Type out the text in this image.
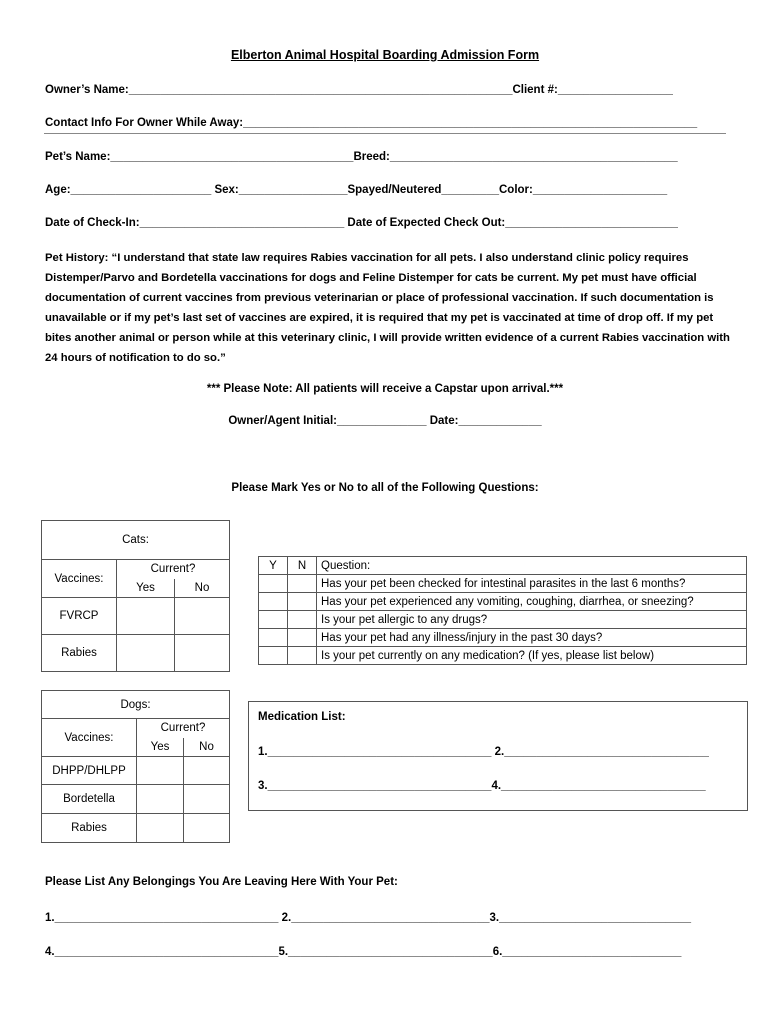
Elberton Animal Hospital Boarding Admission Form
Owner’s Name:____________________________________________________________Client #:__________________
Contact Info For Owner While Away:_______________________________________________________________________
Pet’s Name:______________________________________Breed:_____________________________________________
Age:______________________ Sex:_________________Spayed/Neutered_________Color:_____________________
Date of Check-In:________________________________ Date of Expected Check Out:___________________________
Pet History: “I understand that state law requires Rabies vaccination for all pets. I also understand clinic policy requires Distemper/Parvo and Bordetella vaccinations for dogs and Feline Distemper for cats be current. My pet must have official documentation of current vaccines from previous veterinarian or place of professional vaccination. If such documentation is unavailable or if my pet’s last set of vaccines are expired, it is required that my pet is vaccinated at time of drop off. If my pet bites another animal or person while at this veterinary clinic, I will provide written evidence of a current Rabies vaccination with 24 hours of notification to do so.”
*** Please Note: All patients will receive a Capstar upon arrival.***
Owner/Agent Initial:______________ Date:_____________
Please Mark Yes or No to all of the Following Questions:
Cats:		
Vaccines:	Current?	
	Yes	No
FVRCP		
Rabies		
Y	N	Question:
		Has your pet been checked for intestinal parasites in the last 6 months?
		Has your pet experienced any vomiting, coughing, diarrhea, or sneezing?
		Is your pet allergic to any drugs?
		Has your pet had any illness/injury in the past 30 days?
		Is your pet currently on any medication? (If yes, please list below)
Dogs:		
Vaccines:	Current?	
	Yes	No
DHPP/DHLPP		
Bordetella		
Rabies		
Medication List:
1.___________________________________ 2.________________________________
3.___________________________________4.________________________________
Please List Any Belongings You Are Leaving Here With Your Pet:
1.___________________________________ 2._______________________________3.______________________________
4.___________________________________5.________________________________6.____________________________
